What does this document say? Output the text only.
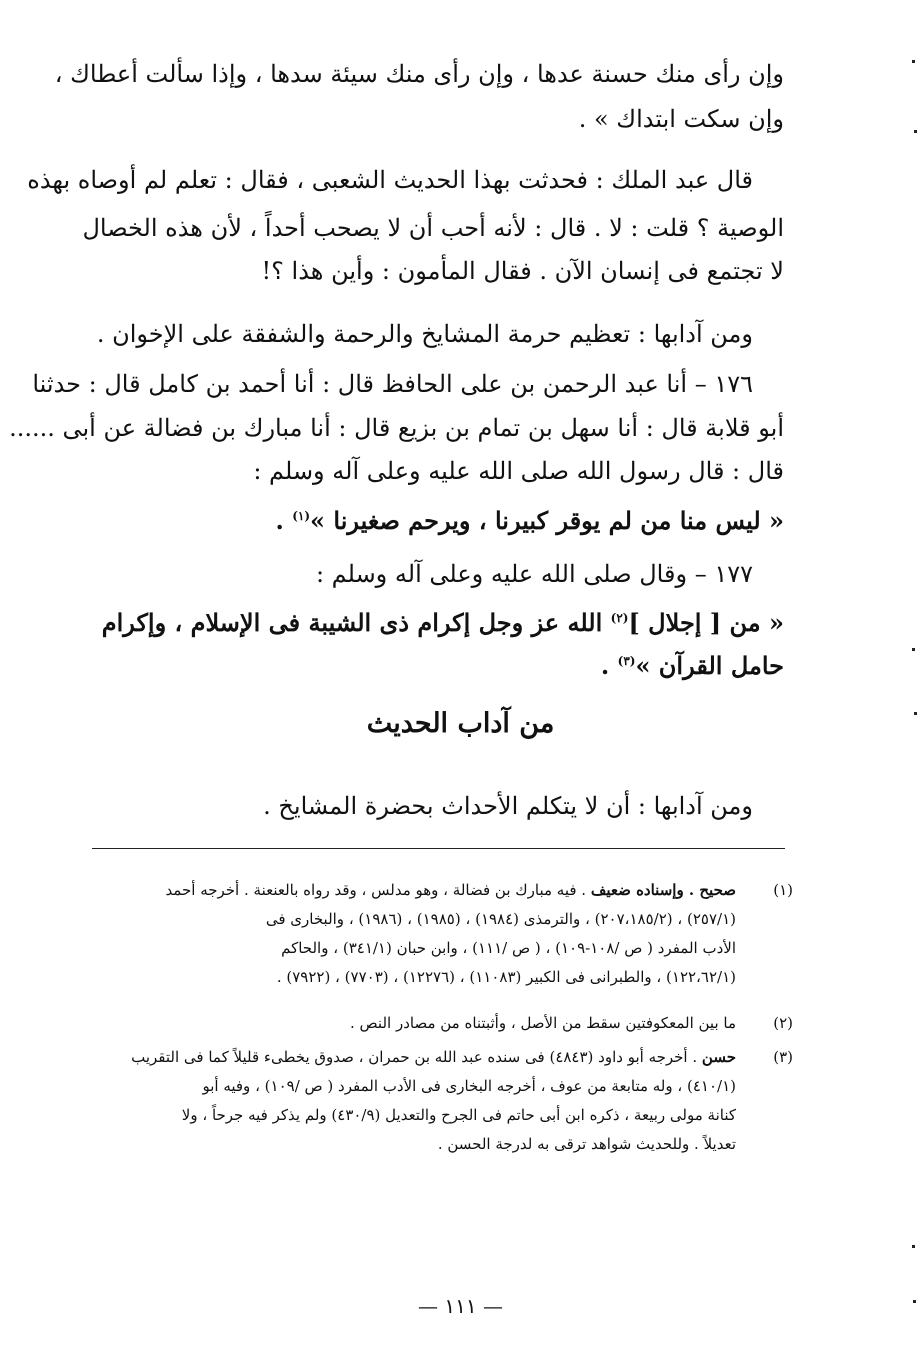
وإن رأى منك حسنة عدها ، وإن رأى منك سيئة سدها ، وإذا سألت أعطاك ،
وإن سكت ابتداك » .
قال عبد الملك : فحدثت بهذا الحديث الشعبى ، فقال : تعلم لم أوصاه بهذه
الوصية ؟ قلت : لا . قال : لأنه أحب أن لا يصحب أحداً ، لأن هذه الخصال
لا تجتمع فى إنسان الآن . فقال المأمون : وأين هذا ؟!
ومن آدابها : تعظيم حرمة المشايخ والرحمة والشفقة على الإخوان .
١٧٦ – أنا عبد الرحمن بن على الحافظ قال : أنا أحمد بن كامل قال : حدثنا
أبو قلابة قال : أنا سهل بن تمام بن بزيع قال : أنا مبارك بن فضالة عن أبى ......
قال : قال رسول الله صلى الله عليه وعلى آله وسلم :
« ليس منا من لم يوقر كبيرنا ، ويرحم صغيرنا »$^{(١)}$ .
١٧٧ – وقال صلى الله عليه وعلى آله وسلم :
« من [ إجلال ]$^{(٢)}$ الله عز وجل إكرام ذى الشيبة فى الإسلام ، وإكرام
حامل القرآن »$^{(٣)}$ .
من آداب الحديث
ومن آدابها : أن لا يتكلم الأحداث بحضرة المشايخ .
(١)
صحيح . وإسناده ضعيف . فيه مبارك بن فضالة ، وهو مدلس ، وقد رواه بالعنعنة . أخرجه أحمد
(٢٥٧/١) ، (٢٠٧،١٨٥/٢) ، والترمذى (١٩٨٤) ، (١٩٨٥) ، (١٩٨٦) ، والبخارى فى
الأدب المفرد ( ص /١٠٨-١٠٩) ، ( ص /١١١) ، وابن حبان (٣٤١/١) ، والحاكم
(١٢٢،٦٢/١) ، والطبرانى فى الكبير (١١٠٨٣) ، (١٢٢٧٦) ، (٧٧٠٣) ، (٧٩٢٢) .
(٢)
ما بين المعكوفتين سقط من الأصل ، وأثبتناه من مصادر النص .
(٣)
حسن . أخرجه أبو داود (٤٨٤٣) فى سنده عبد الله بن حمران ، صدوق يخطىء قليلاً كما فى التقريب
(٤١٠/١) ، وله متابعة من عوف ، أخرجه البخارى فى الأدب المفرد ( ص /١٠٩) ، وفيه أبو
كنانة مولى ربيعة ، ذكره ابن أبى حاتم فى الجرح والتعديل (٤٣٠/٩) ولم يذكر فيه جرحاً ، ولا
تعديلاً . وللحديث شواهد ترقى به لدرجة الحسن .
— ١١١ —
